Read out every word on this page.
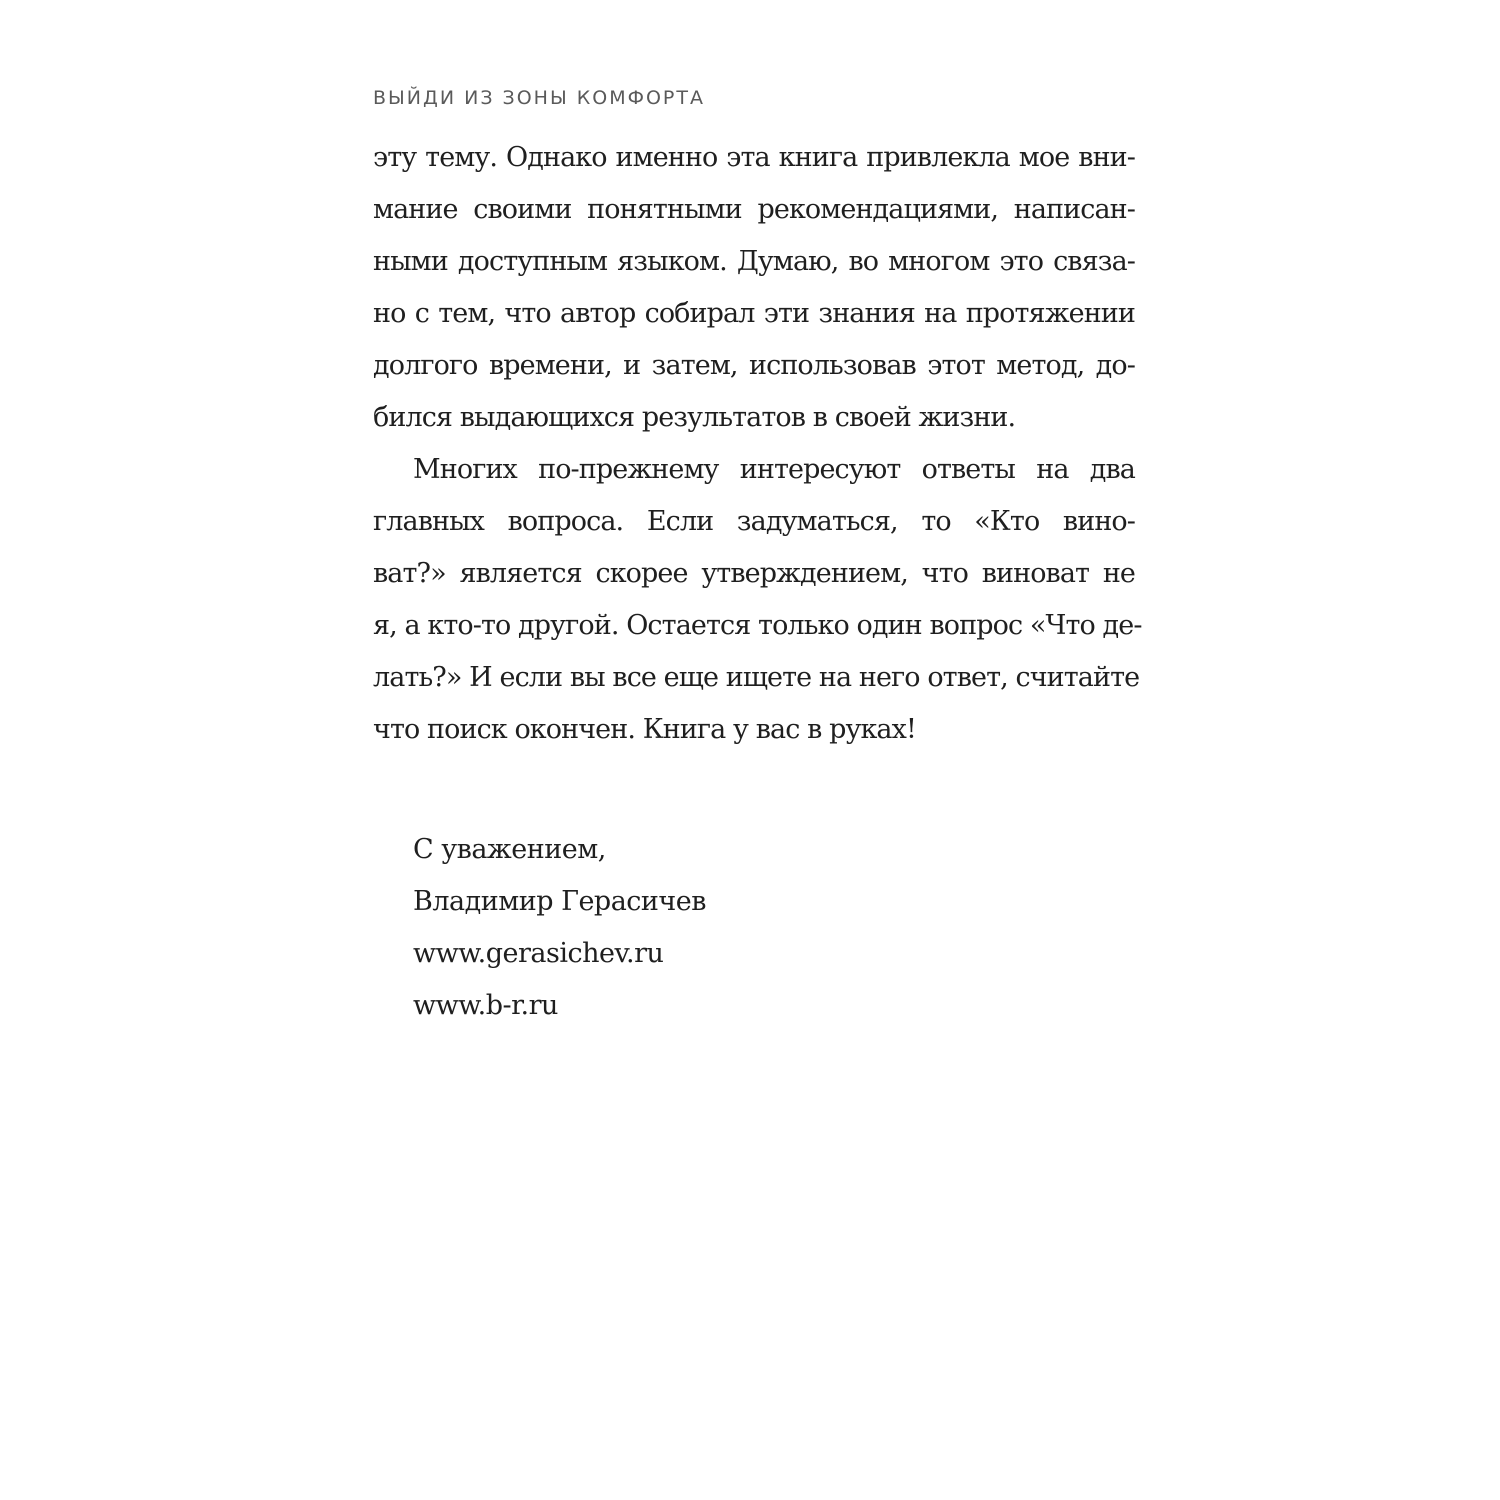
ВЫЙДИ ИЗ ЗОНЫ КОМФОРТА
эту тему. Однако именно эта книга привлекла мое вни-
мание своими понятными рекомендациями, написан-
ными доступным языком. Думаю, во многом это связа-
но с тем, что автор собирал эти знания на протяжении
долгого времени, и затем, использовав этот метод, до-
бился выдающихся результатов в своей жизни.
Многих по-прежнему интересуют ответы на два
главных вопроса. Если задуматься, то «Кто вино-
ват?» является скорее утверждением, что виноват не
я, а кто-то другой. Остается только один вопрос «Что де-
лать?» И если вы все еще ищете на него ответ, считайте
что поиск окончен. Книга у вас в руках!
С уважением,
Владимир Герасичев
www.gerasichev.ru
www.b-r.ru
